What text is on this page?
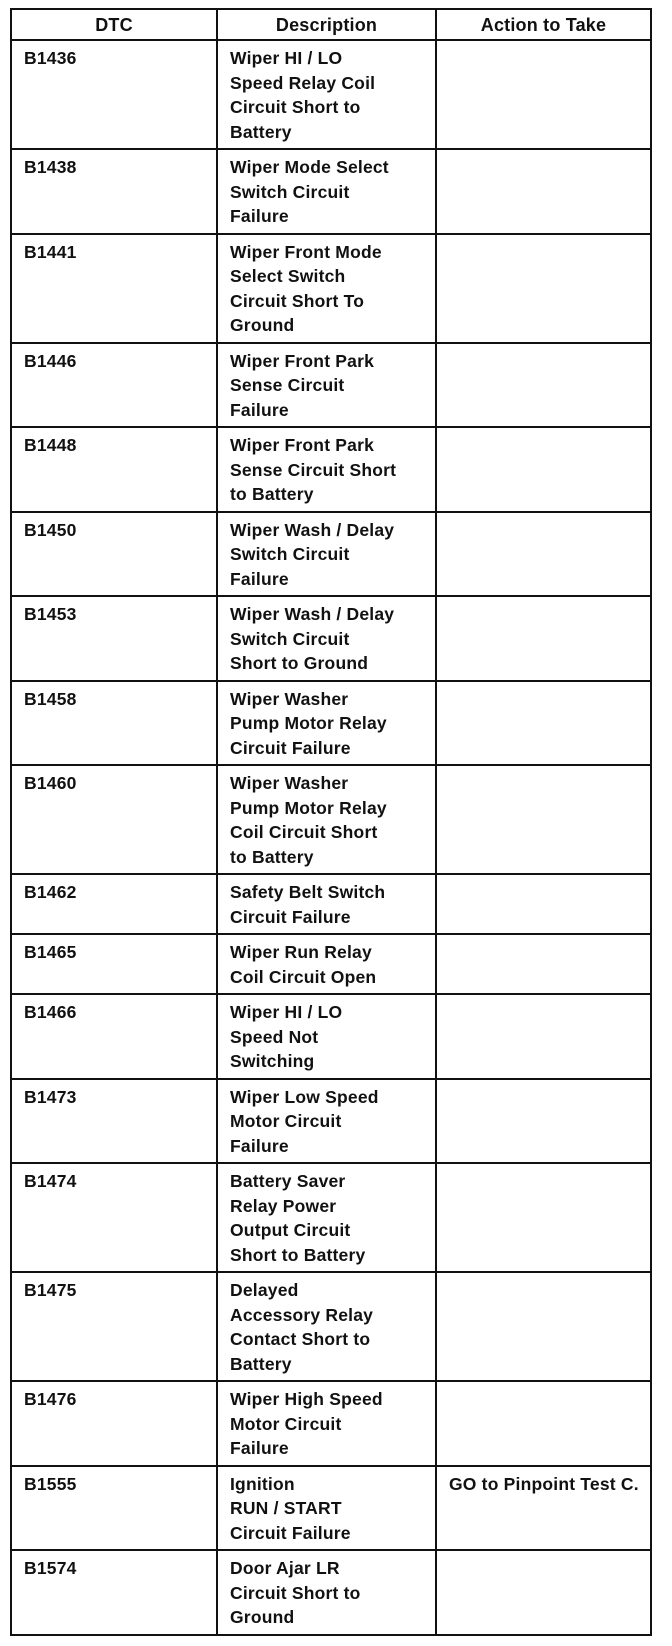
DTC	Description	Action to Take
B1436	Wiper HI / LO
Speed Relay Coil
Circuit Short to
Battery	

B1438	Wiper Mode Select
Switch Circuit
Failure	

B1441	Wiper Front Mode
Select Switch
Circuit Short To
Ground	

B1446	Wiper Front Park
Sense Circuit
Failure	

B1448	Wiper Front Park
Sense Circuit Short
to Battery	

B1450	Wiper Wash / Delay
Switch Circuit
Failure	

B1453	Wiper Wash / Delay
Switch Circuit
Short to Ground	

B1458	Wiper Washer
Pump Motor Relay
Circuit Failure	

B1460	Wiper Washer
Pump Motor Relay
Coil Circuit Short
to Battery	

B1462	Safety Belt Switch
Circuit Failure	

B1465	Wiper Run Relay
Coil Circuit Open	

B1466	Wiper HI / LO
Speed Not
Switching	

B1473	Wiper Low Speed
Motor Circuit
Failure	

B1474	Battery Saver
Relay Power
Output Circuit
Short to Battery	

B1475	Delayed
Accessory Relay
Contact Short to
Battery	

B1476	Wiper High Speed
Motor Circuit
Failure	

B1555	Ignition
RUN / START
Circuit Failure	GO to Pinpoint Test C.
B1574	Door Ajar LR
Circuit Short to
Ground	
